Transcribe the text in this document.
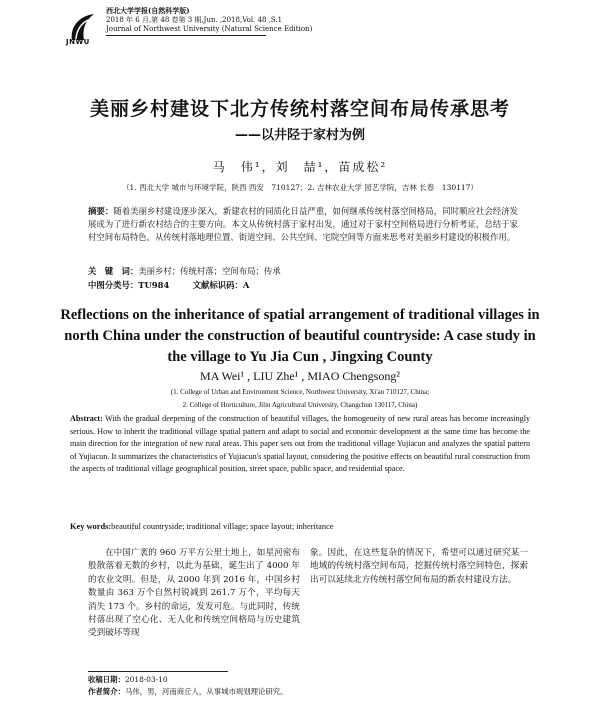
JNWU
西北大学学报(自然科学版)
2018 年 6 月,第 48 卷第 3 期,Jun. ,2018,Vol. 48 ,S.1
Journal of Northwest University (Natural Science Edition)
美丽乡村建设下北方传统村落空间布局传承思考
——以井陉于家村为例
马　伟¹，刘　喆¹，苗成松²
（1. 西北大学 城市与环境学院，陕西 西安　710127；2. 吉林农业大学 园艺学院，吉林 长春　130117）
摘要：随着美丽乡村建设逐步深入，新建农村的同质化日益严重，如何继承传统村落空间格局，同时顺应社会经济发展成为了进行新农村结合的主要方向。本文从传统村落于家村出发，通过对于家村空间格局进行分析考证，总结于家村空间布局特色，从传统村落地理位置、街道空间、公共空间、宅院空间等方面来思考对美丽乡村建设的积极作用。
关　键　词：美丽乡村；传统村落；空间布局；传承
中图分类号：TU984	文献标识码：A
Reflections on the inheritance of spatial arrangement of traditional villages in north China under the construction of beautiful countryside: A case study in the village to Yu Jia Cun , Jingxing County
MA Wei¹ , LIU Zhe¹ , MIAO Chengsong²
(1. College of Urban and Environment Science, Northwest University, Xi'an 710127, China;
2. College of Horticulture, Jilin Agricultural University, Changchun 130117, China)
Abstract: With the gradual deepening of the construction of beautiful villages, the homogeneity of new rural areas has become increasingly serious. How to inherit the traditional village spatial pattern and adapt to social and economic development at the same time has become the main direction for the integration of new rural areas. This paper sets out from the traditional village Yujiacun and analyzes the spatial pattern of Yujiacun. It summarizes the characteristics of Yujiacun's spatial layout, considering the positive effects on beautiful rural construction from the aspects of traditional village geographical position, street space, public space, and residential space.
Key words:beautiful countryside; traditional village; space layout; inheritance
在中国广袤的 960 万平方公里土地上，如星河密布般散落着无数的乡村，以此为基础，诞生出了 4000 年的农业文明。但是，从 2000 年到 2016 年，中国乡村数量由 363 万个自然村锐减到 261.7 万个，平均每天消失 173 个。乡村的命运，发发可危。与此同时，传统村落出现了空心化、无人化和传统空间格局与历史建筑受到破坏等现
象。因此，在这些复杂的情况下，希望可以通过研究某一地域的传统村落空间布局，挖掘传统村落空间特色，探索出可以延续北方传统村落空间布局的新农村建设方法。
收稿日期：2018-03-10
作者简介：马伟，男，河南商丘人，从事城市规划理论研究。
